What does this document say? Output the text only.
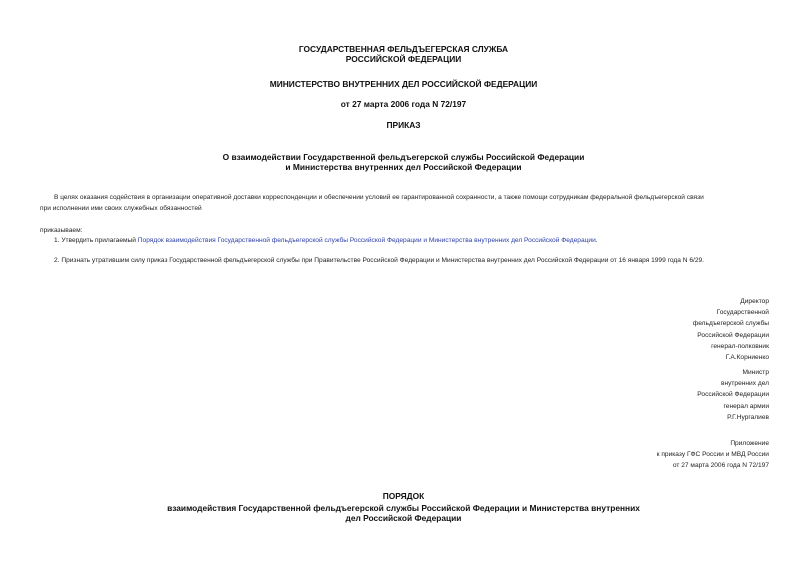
ГОСУДАРСТВЕННАЯ ФЕЛЬДЪЕГЕРСКАЯ СЛУЖБА
РОССИЙСКОЙ ФЕДЕРАЦИИ
МИНИСТЕРСТВО ВНУТРЕННИХ ДЕЛ РОССИЙСКОЙ ФЕДЕРАЦИИ
от 27 марта 2006 года N 72/197
ПРИКАЗ
О взаимодействии Государственной фельдъегерской службы Российской Федерации
и Министерства внутренних дел Российской Федерации
В целях оказания содействия в организации оперативной доставки корреспонденции и обеспечении условий ее гарантированной сохранности, а также помощи сотрудникам федеральной фельдъегерской связи
при исполнении ими своих служебных обязанностей
приказываем:
1. Утвердить прилагаемый Порядок взаимодействия Государственной фельдъегерской службы Российской Федерации и Министерства внутренних дел Российской Федерации.
2. Признать утратившим силу приказ Государственной фельдъегерской службы при Правительстве Российской Федерации и Министерства внутренних дел Российской Федерации от 16 января 1999 года N 6/29.
Директор
Государственной
фельдъегерской службы
Российской Федерации
генерал-полковник
Г.А.Корниенко
Министр
внутренних дел
Российской Федерации
генерал армии
Р.Г.Нургалиев
Приложение
к приказу ГФС России и МВД России
от 27 марта 2006 года N 72/197
ПОРЯДОК
взаимодействия Государственной фельдъегерской службы Российской Федерации и Министерства внутренних
дел Российской Федерации
